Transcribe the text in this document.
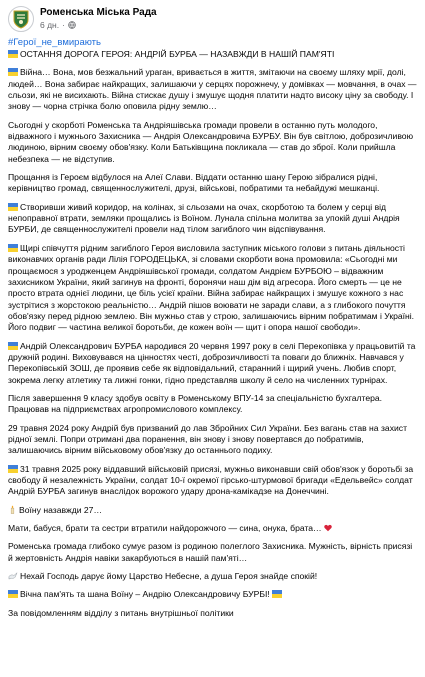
Роменська Міська Рада
6 дн. ·
#Герої_не_вмирають

ОСТАННЯ ДОРОГА ГЕРОЯ: АНДРІЙ БУРБА — НАЗАВЖДИ В НАШІЙ ПАМ'ЯТІ

Війна… Вона, мов безжальний ураган, вривається в життя, змітаючи на своєму шляху мрії, долі, людей… Вона забирає найкращих, залишаючи у серцях порожнечу, у домівках — мовчання, в очах — сльози, які не висихають. Війна стискає душу і змушує щодня платити надто високу ціну за свободу. І знову — чорна стрічка болю оповила рідну землю…

Сьогодні у скорботі Роменська та Андріяшівська громади провели в останню путь молодого, відважного і мужнього Захисника — Андрія Олександровича БУРБУ. Він був світлою, доброзичливою людиною, вірним своєму обов'язку. Коли Батьківщина покликала — став до зброї. Коли прийшла небезпека — не відступив.

Прощання із Героєм відбулося на Алеї Слави. Віддати останню шану Герою зібралися рідні, керівництво громад, священнослужителі, друзі, військові, побратими та небайдужі мешканці.

Створивши живий коридор, на колінах, зі сльозами на очах, скорботою та болем у серці від непоправної втрати, земляки прощались із Воїном. Лунала спільна молитва за упокій душі Андрія БУРБИ, де священнослужителі провели над тілом загиблого чин відспівування.

Щирі співчуття рідним загиблого Героя висловила заступник міського голови з питань діяльності виконавчих органів ради Лілія ГОРОДЕЦЬКА, зі словами скорботи вона промовила: «Сьогодні ми прощаємося з уродженцем Андріяшівської громади, солдатом Андрієм БУРБОЮ – відважним захисником України, який загинув на фронті, боронячи наш дім від агресора. Його смерть — це не просто втрата однієї людини, це біль усієї країни. Війна забирає найкращих і змушує кожного з нас зустрітися з жорстокою реальністю… Андрій пішов воювати не заради слави, а з глибокого почуття обов'язку перед рідною землею. Він мужньо став у строю, залишаючись вірним побратимам і Україні. Його подвиг — частина великої боротьби, де кожен воїн — щит і опора нашої свободи».

Андрій Олександрович БУРБА народився 20 червня 1997 року в селі Перекопівка у працьовитій та дружній родині. Виховувався на цінностях честі, доброзичливості та поваги до ближніх. Навчався у Перекопівській ЗОШ, де проявив себе як відповідальний, старанний і щирий учень. Любив спорт, зокрема легку атлетику та лижні гонки, гідно представляв школу й село на численних турнірах.

Після завершення 9 класу здобув освіту в Роменському ВПУ-14 за спеціальністю бухгалтера. Працював на підприємствах агропромислового комплексу.

29 травня 2024 року Андрій був призваний до лав Збройних Сил України. Без вагань став на захист рідної землі. Попри отримані два поранення, він знову і знову повертався до побратимів, залишаючись вірним військовому обов'язку до останнього подиху.

31 травня 2025 року віддавший військовій присязі, мужньо виконавши свій обов'язок у боротьбі за свободу й незалежність України, солдат 10-ї окремої гірсько-штурмової бригади «Едельвейс» солдат Андрій БУРБА загинув внаслідок ворожого удару дрона-камікадзе на Донеччині.

Воїну назавжди 27…

Мати, бабуся, брати та сестри втратили найдорожчого — сина, онука, брата…

Роменська громада глибоко сумує разом із родиною полеглого Захисника. Мужність, вірність присязі й жертовність Андрія навіки закарбуються в нашій пам'яті…

Нехай Господь дарує йому Царство Небесне, а душа Героя знайде спокій!

Вічна пам'ять та шана Воїну – Андрію Олександровичу БУРБІ!

За повідомленням відділу з питань внутрішньої політики
